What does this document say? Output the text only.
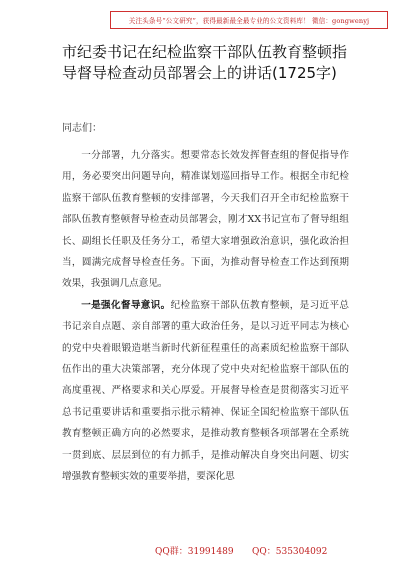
关注头条号“公文研究”，获得最新最全最专业的公文资料库！ 微信：gongwenyj
市纪委书记在纪检监察干部队伍教育整顿指导督导检查动员部署会上的讲话(1725字)
同志们：

一分部署，九分落实。想要常态长效发挥督查组的督促指导作用，务必要突出问题导向，精准谋划巡回指导工作。根据全市纪检监察干部队伍教育整顿的安排部署，今天我们召开全市纪检监察干部队伍教育整顿督导检查动员部署会，刚才XX书记宣布了督导组组长、副组长任职及任务分工，希望大家增强政治意识，强化政治担当，圆满完成督导检查任务。下面，为推动督导检查工作达到预期效果，我强调几点意见。

一是强化督导意识。纪检监察干部队伍教育整顿，是习近平总书记亲自点题、亲自部署的重大政治任务，是以习近平同志为核心的党中央着眼锻造堪当新时代新征程重任的高素质纪检监察干部队伍作出的重大决策部署，充分体现了党中央对纪检监察干部队伍的高度重视、严格要求和关心厚爱。开展督导检查是贯彻落实习近平总书记重要讲话和重要指示批示精神、保证全国纪检监察干部队伍教育整顿正确方向的必然要求，是推动教育整顿各项部署在全系统一贯到底、层层到位的有力抓手，是推动解决自身突出问题、切实增强教育整顿实效的重要举措，要深化思

QQ群：31991489 QQ：535304092
